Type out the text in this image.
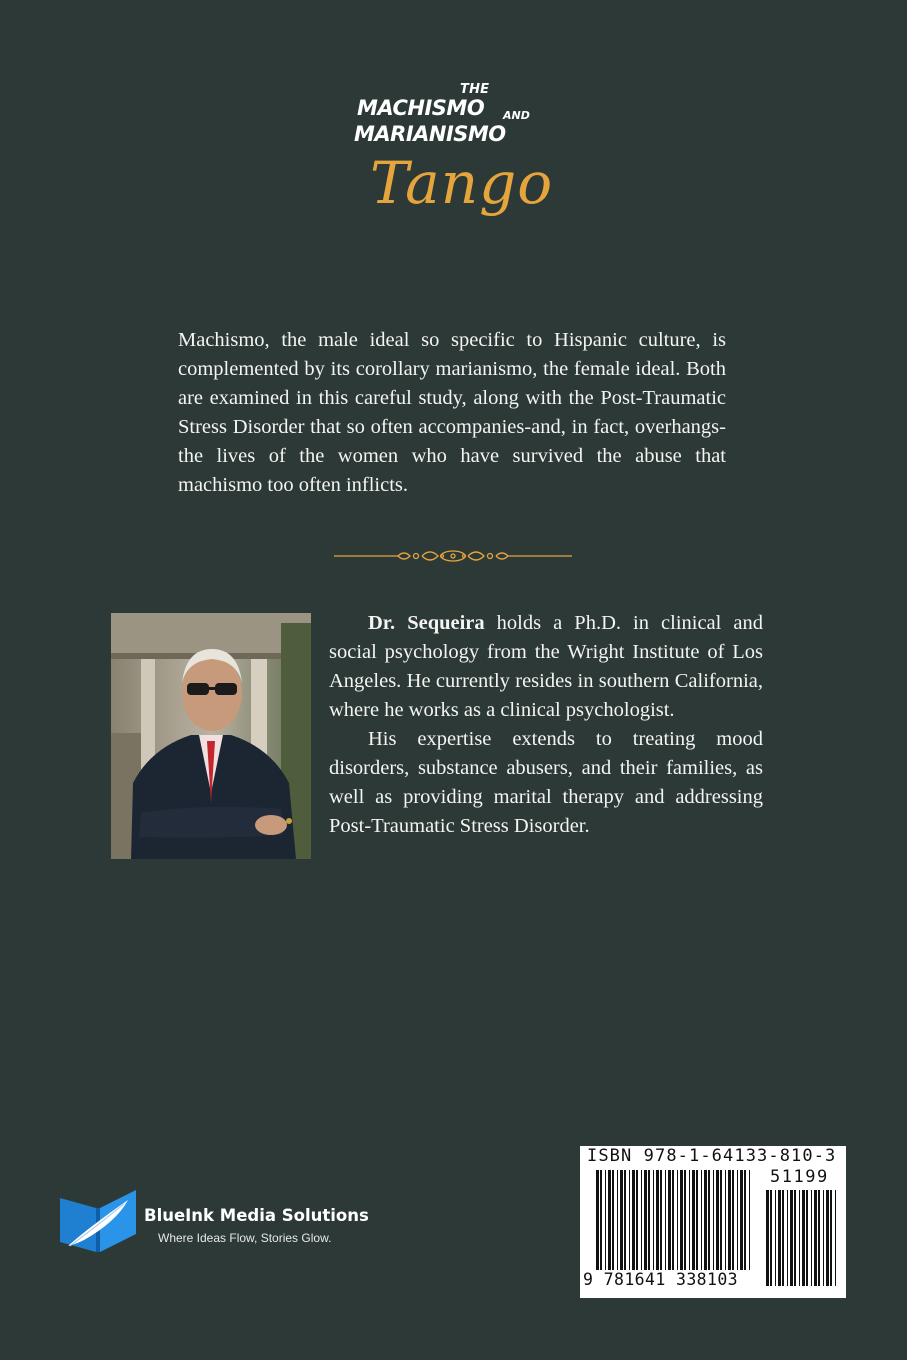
THE
MACHISMO AND
MARIANISMO
Tango

Machismo, the male ideal so specific to Hispanic culture, is complemented by its corollary marianismo, the female ideal. Both are examined in this careful study, along with the Post-Traumatic Stress Disorder that so often accompanies-and, in fact, overhangs-the lives of the women who have survived the abuse that machismo too often inflicts.

Dr. Sequeira holds a Ph.D. in clinical and social psychology from the Wright Institute of Los Angeles. He currently resides in southern California, where he works as a clinical psychologist.

His expertise extends to treating mood disorders, substance abusers, and their families, as well as providing marital therapy and addressing Post-Traumatic Stress Disorder.

BlueInk Media Solutions
Where Ideas Flow, Stories Glow.
ISBN 978-1-64133-810-3
51199
9 781641 338103
